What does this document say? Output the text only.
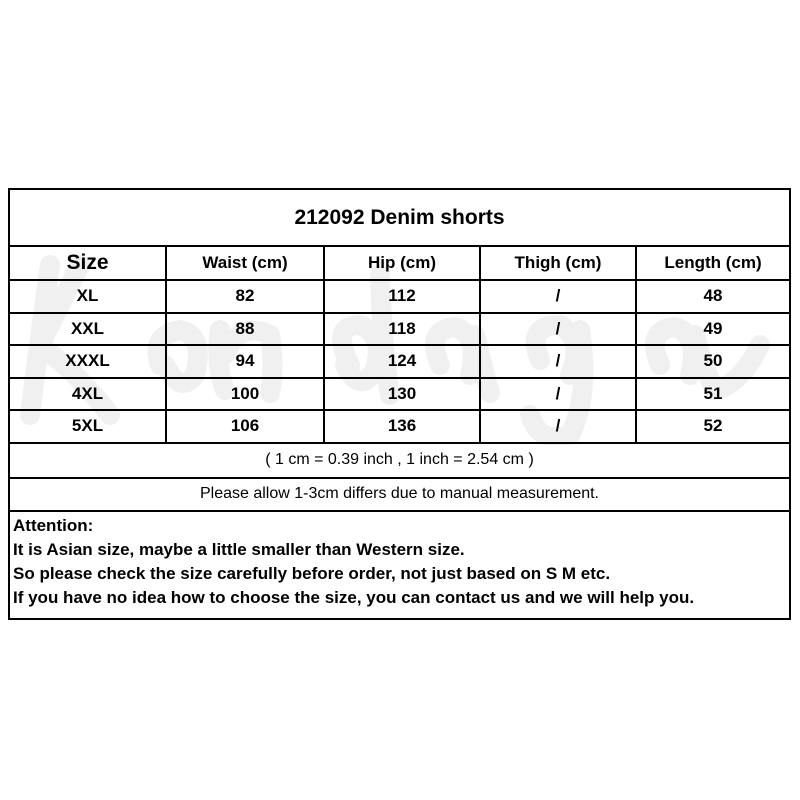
212092 Denim shorts
Size	Waist (cm)	Hip (cm)	Thigh (cm)	Length (cm)
XL	82	112	/	48
XXL	88	118	/	49
XXXL	94	124	/	50
4XL	100	130	/	51
5XL	106	136	/	52
( 1 cm = 0.39 inch , 1 inch = 2.54 cm )
Please allow 1-3cm differs due to manual measurement.
Attention:
It is Asian size, maybe a little smaller than Western size.
So please check the size carefully before order, not just based on S M etc.
If you have no idea how to choose the size, you can contact us and we will help you.
